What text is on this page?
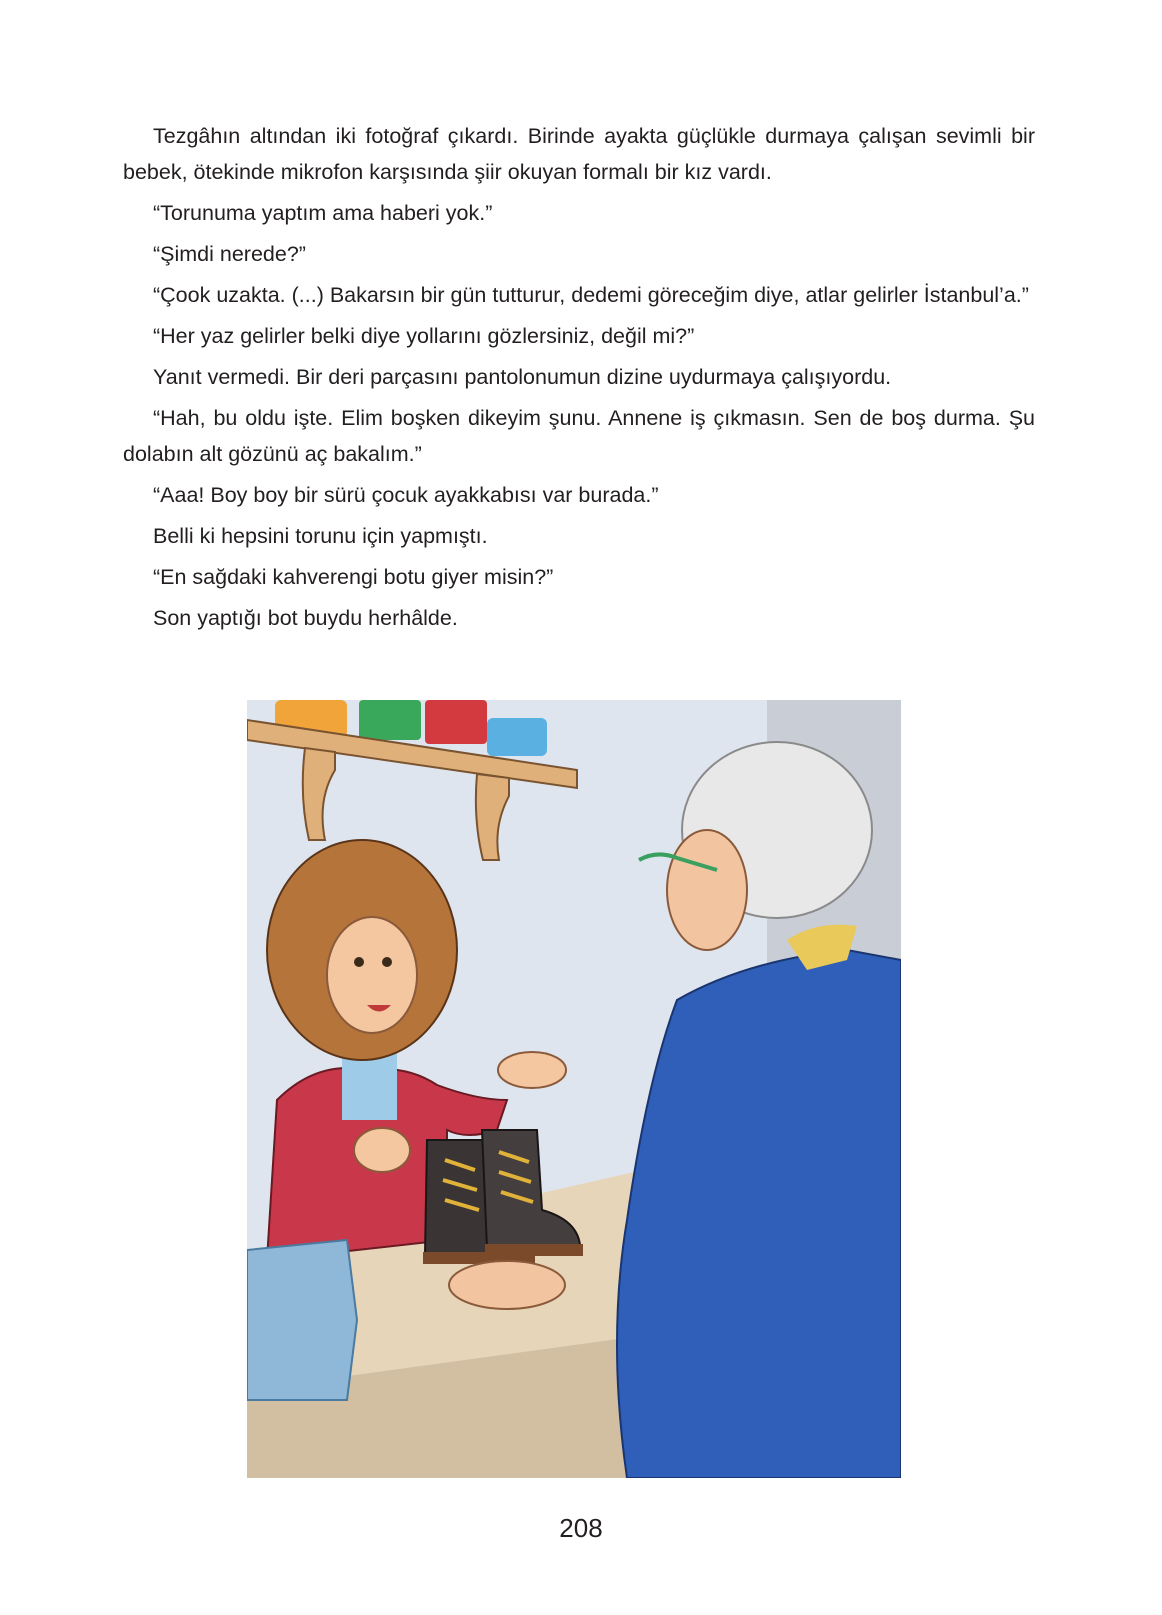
Tezgâhın altından iki fotoğraf çıkardı. Birinde ayakta güçlükle durmaya çalışan sevimli bir bebek, ötekinde mikrofon karşısında şiir okuyan formalı bir kız vardı.

“Torunuma yaptım ama haberi yok.”

“Şimdi nerede?”

“Çook uzakta. (...) Bakarsın bir gün tutturur, dedemi göreceğim diye, atlar gelirler İstanbul’a.”

“Her yaz gelirler belki diye yollarını gözlersiniz, değil mi?”

Yanıt vermedi. Bir deri parçasını pantolonumun dizine uydurmaya çalışıyordu.

“Hah, bu oldu işte. Elim boşken dikeyim şunu. Annene iş çıkmasın. Sen de boş durma. Şu dolabın alt gözünü aç bakalım.”

“Aaa! Boy boy bir sürü çocuk ayakkabısı var burada.”

Belli ki hepsini torunu için yapmıştı.

“En sağdaki kahverengi botu giyer misin?”

Son yaptığı bot buydu herhâlde.

208
